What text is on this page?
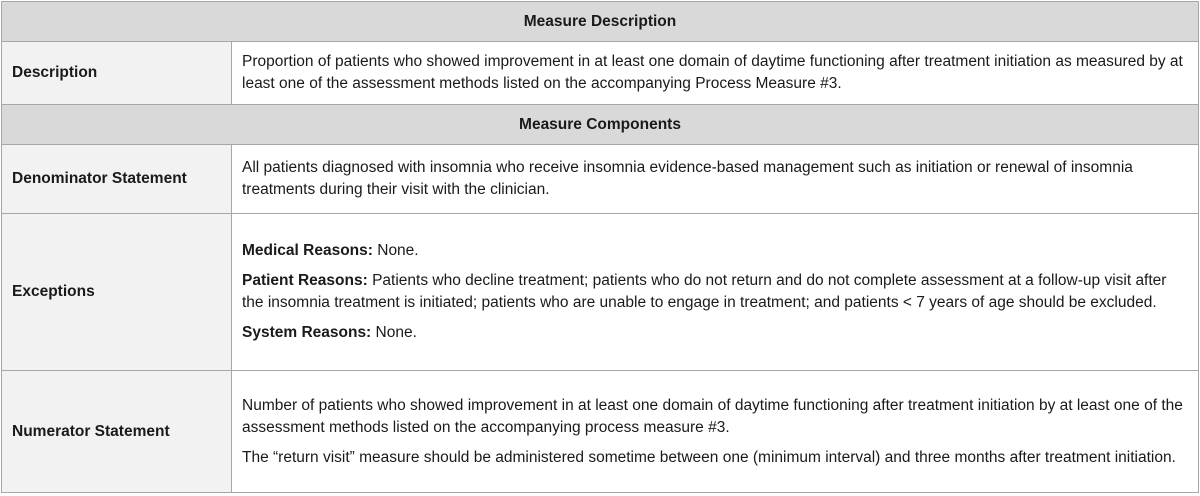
Measure Description	
Description	Proportion of patients who showed improvement in at least one domain of daytime functioning after treatment initiation as measured by at least one of the assessment methods listed on the accompanying Process Measure #3.

Measure Components	
Denominator Statement	All patients diagnosed with insomnia who receive insomnia evidence-based management such as initiation or renewal of insomnia treatments during their visit with the clinician.

Exceptions	Medical Reasons: None.

Patient Reasons: Patients who decline treatment; patients who do not return and do not complete assessment at a follow-up visit after the insomnia treatment is initiated; patients who are unable to engage in treatment; and patients < 7 years of age should be excluded.

System Reasons: None.

Numerator Statement	Number of patients who showed improvement in at least one domain of daytime functioning after treatment initiation by at least one of the assessment methods listed on the accompanying process measure #3.

The “return visit” measure should be administered sometime between one (minimum interval) and three months after treatment initiation.
